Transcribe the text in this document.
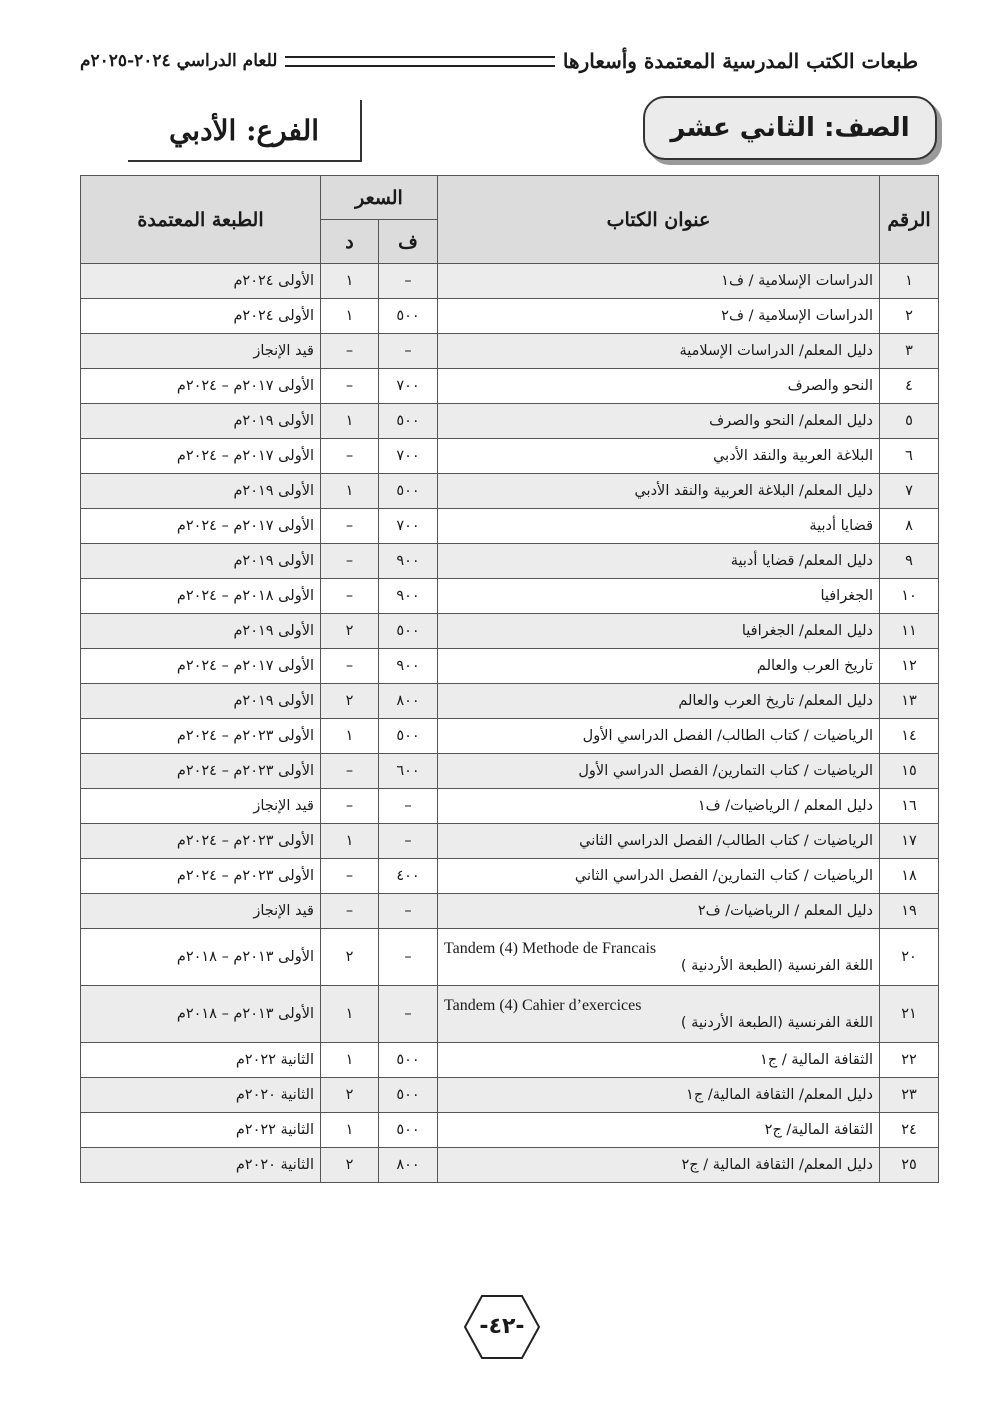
طبعات الكتب المدرسية المعتمدة وأسعارها
للعام الدراسي ٢٠٢٤-٢٠٢٥م
الصف: الثاني عشر
الفرع: الأدبي
الرقم	عنوان الكتاب	السعر		الطبعة المعتمدة
		ف	د	
١	الدراسات الإسلامية / ف١	–	١	الأولى ٢٠٢٤م
٢	الدراسات الإسلامية / ف٢	٥٠٠	١	الأولى ٢٠٢٤م
٣	دليل المعلم/ الدراسات الإسلامية	–	–	قيد الإنجاز
٤	النحو والصرف	٧٠٠	–	الأولى ٢٠١٧م – ٢٠٢٤م
٥	دليل المعلم/ النحو والصرف	٥٠٠	١	الأولى ٢٠١٩م
٦	البلاغة العربية والنقد الأدبي	٧٠٠	–	الأولى ٢٠١٧م – ٢٠٢٤م
٧	دليل المعلم/ البلاغة العربية والنقد الأدبي	٥٠٠	١	الأولى ٢٠١٩م
٨	قضايا أدبية	٧٠٠	–	الأولى ٢٠١٧م – ٢٠٢٤م
٩	دليل المعلم/ قضايا أدبية	٩٠٠	–	الأولى ٢٠١٩م
١٠	الجغرافيا	٩٠٠	–	الأولى ٢٠١٨م – ٢٠٢٤م
١١	دليل المعلم/ الجغرافيا	٥٠٠	٢	الأولى ٢٠١٩م
١٢	تاريخ العرب والعالم	٩٠٠	–	الأولى ٢٠١٧م – ٢٠٢٤م
١٣	دليل المعلم/ تاريخ العرب والعالم	٨٠٠	٢	الأولى ٢٠١٩م
١٤	الرياضيات / كتاب الطالب/ الفصل الدراسي الأول	٥٠٠	١	الأولى ٢٠٢٣م – ٢٠٢٤م
١٥	الرياضيات / كتاب التمارين/ الفصل الدراسي الأول	٦٠٠	–	الأولى ٢٠٢٣م – ٢٠٢٤م
١٦	دليل المعلم / الرياضيات/ ف١	–	–	قيد الإنجاز
١٧	الرياضيات / كتاب الطالب/ الفصل الدراسي الثاني	–	١	الأولى ٢٠٢٣م – ٢٠٢٤م
١٨	الرياضيات / كتاب التمارين/ الفصل الدراسي الثاني	٤٠٠	–	الأولى ٢٠٢٣م – ٢٠٢٤م
١٩	دليل المعلم / الرياضيات/ ف٢	–	–	قيد الإنجاز
٢٠	Tandem (4) Methode de Francais
اللغة الفرنسية (الطبعة الأردنية )	–	٢	الأولى ٢٠١٣م – ٢٠١٨م
٢١	Tandem (4) Cahier d’exercices
اللغة الفرنسية (الطبعة الأردنية )	–	١	الأولى ٢٠١٣م – ٢٠١٨م
٢٢	الثقافة المالية / ج١	٥٠٠	١	الثانية ٢٠٢٢م
٢٣	دليل المعلم/ الثقافة المالية/ ج١	٥٠٠	٢	الثانية ٢٠٢٠م
٢٤	الثقافة المالية/ ج٢	٥٠٠	١	الثانية ٢٠٢٢م
٢٥	دليل المعلم/ الثقافة المالية / ج٢	٨٠٠	٢	الثانية ٢٠٢٠م
-٤٢-
